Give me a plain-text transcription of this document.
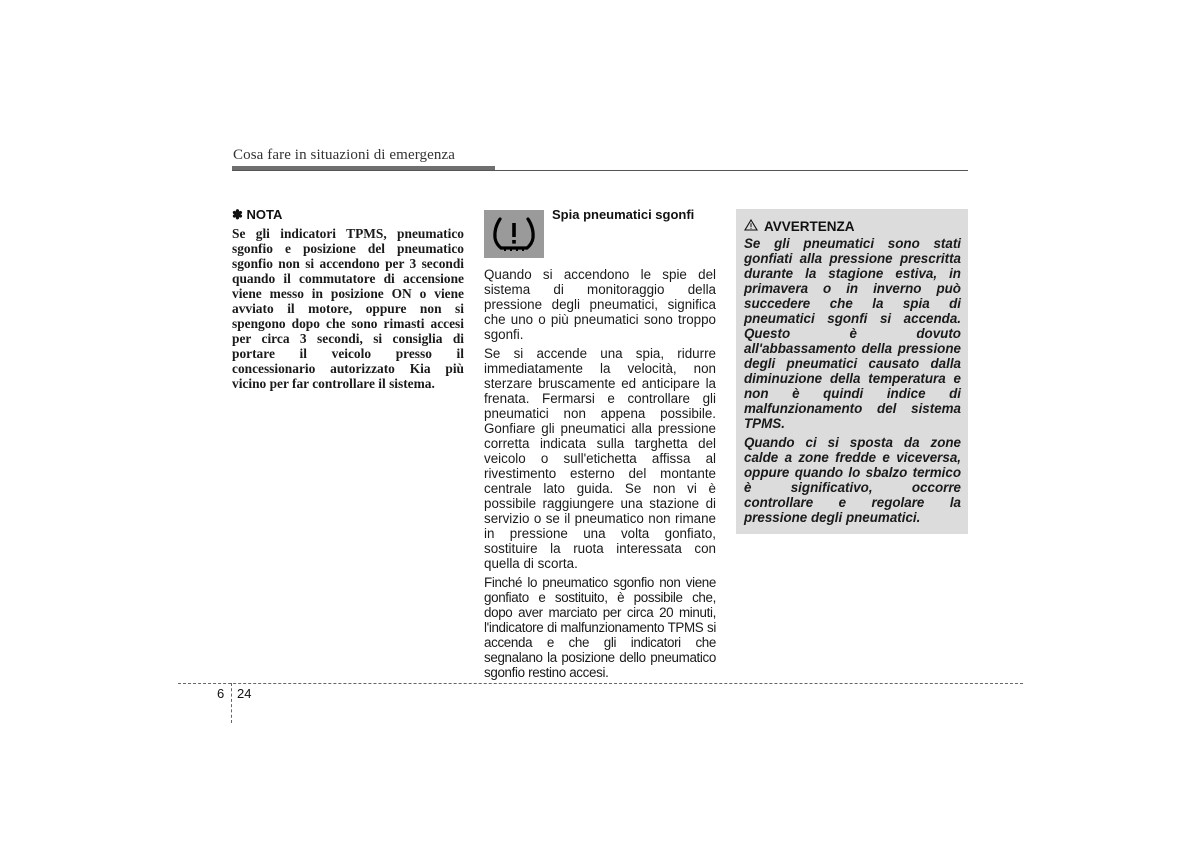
Cosa fare in situazioni di emergenza
✽ NOTA
Se gli indicatori TPMS, pneumatico sgonfio e posizione del pneumatico sgonfio non si accendono per 3 secondi quando il commutatore di accensione viene messo in posizione ON o viene avviato il motore, oppure non si spengono dopo che sono rimasti accesi per circa 3 secondi, si consiglia di portare il veicolo presso il concessionario autorizzato Kia più vicino per far controllare il sistema.
Spia pneumatici sgonfi

Quando si accendono le spie del sistema di monitoraggio della pressione degli pneumatici, significa che uno o più pneumatici sono troppo sgonfi.

Se si accende una spia, ridurre immediatamente la velocità, non sterzare bruscamente ed anticipare la frenata. Fermarsi e controllare gli pneumatici non appena possibile. Gonfiare gli pneumatici alla pressione corretta indicata sulla targhetta del veicolo o sull'etichetta affissa al rivestimento esterno del montante centrale lato guida. Se non vi è possibile raggiungere una stazione di servizio o se il pneumatico non rimane in pressione una volta gonfiato, sostituire la ruota interessata con quella di scorta.

Finché lo pneumatico sgonfio non viene gonfiato e sostituito, è possibile che, dopo aver marciato per circa 20 minuti, l'indicatore di malfunzionamento TPMS si accenda e che gli indicatori che segnalano la posizione dello pneumatico sgonfio restino accesi.

AVVERTENZA

Se gli pneumatici sono stati gonfiati alla pressione prescritta durante la stagione estiva, in primavera o in inverno può succedere che la spia di pneumatici sgonfi si accenda. Questo è dovuto all'abbassamento della pressione degli pneumatici causato dalla diminuzione della temperatura e non è quindi indice di malfunzionamento del sistema TPMS.

Quando ci si sposta da zone calde a zone fredde e viceversa, oppure quando lo sbalzo termico è significativo, occorre controllare e regolare la pressione degli pneumatici.

6 24
